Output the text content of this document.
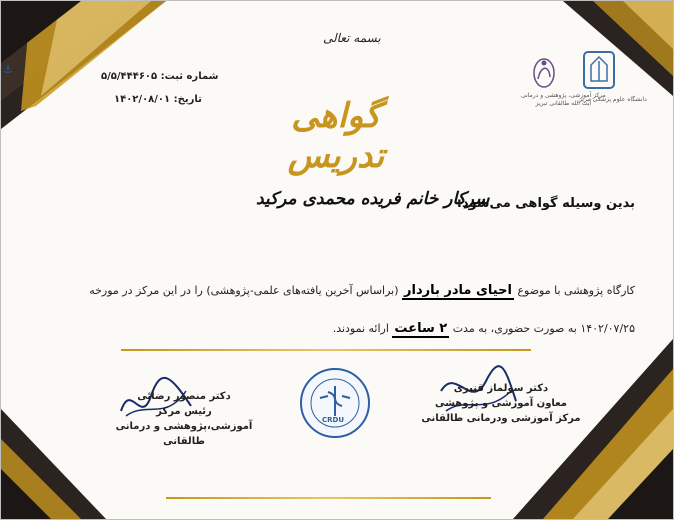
⚓
بسمه تعالی
شماره ثبت: ۵/۵/۴۴۴۶۰۵
تاریخ: ۱۴۰۲/۰۸/۰۱	دانشگاه علوم پزشکی تبریز
مرکز آموزشی، پژوهشی و درمانی
آیت الله طالقانی تبریز
گواهی تدریس
بدین وسیله گواهی می‌شود:
سرکار خانم فریده محمدی مرکید
کارگاه پژوهشی با موضوع احیای مادر باردار (براساس آخرین یافته‌های علمی-پژوهشی) را در این مرکز در مورخه
۱۴۰۲/۰۷/۲۵ به صورت حضوری، به مدت ۲ ساعت ارائه نمودند.
دکتر منصور رضائی
رئیس مرکز
آموزشی،پژوهشی و درمانی طالقانی
CRDU
دکتر سولماز قنبری
معاون آموزشی و پژوهشی
مرکز آموزشی ودرمانی طالقانی
